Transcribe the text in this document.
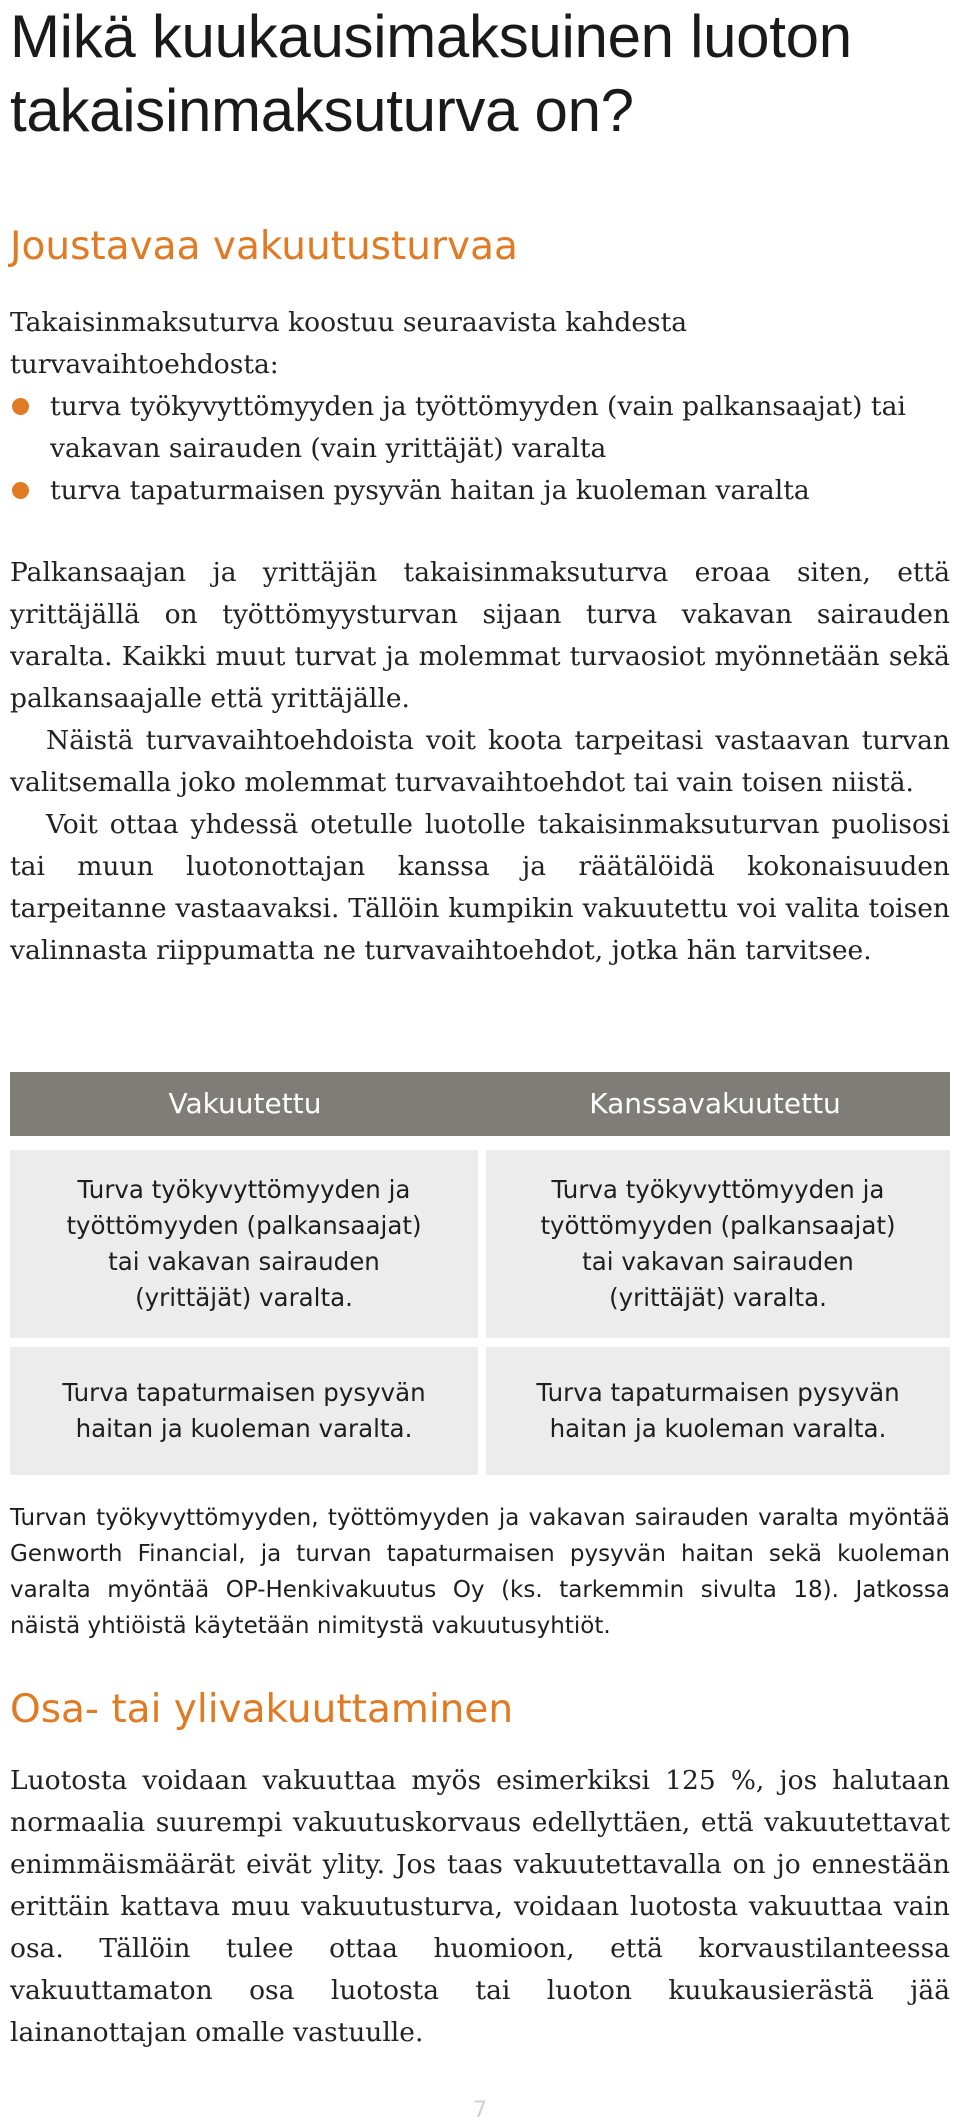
Mikä kuukausimaksuinen luoton takaisinmaksuturva on?
Joustavaa vakuutusturvaa

Takaisinmaksuturva koostuu seuraavista kahdesta turvavaihtoehdosta:

turva työkyvyttömyyden ja työttömyyden (vain palkansaajat) tai vakavan sairauden (vain yrittäjät) varalta
turva tapaturmaisen pysyvän haitan ja kuoleman varalta

Palkansaajan ja yrittäjän takaisinmaksuturva eroaa siten, että yrittäjällä on työttömyysturvan sijaan turva vakavan sairauden varalta. Kaikki muut turvat ja molemmat turvaosiot myönnetään sekä palkansaajalle että yrittäjälle.

Näistä turvavaihtoehdoista voit koota tarpeitasi vastaavan turvan valitsemalla joko molemmat turvavaihtoehdot tai vain toisen niistä.

Voit ottaa yhdessä otetulle luotolle takaisinmaksuturvan puolisosi tai muun luotonottajan kanssa ja räätälöidä kokonaisuuden tarpeitanne vastaavaksi. Tällöin kumpikin vakuutettu voi valita toisen valinnasta riippumatta ne turvavaihtoehdot, jotka hän tarvitsee.

Vakuutettu	Kanssavakuutettu
Turva työkyvyttömyyden ja työttömyyden (palkansaajat) tai vakavan sairauden (yrittäjät) varalta.
Turva työkyvyttömyyden ja työttömyyden (palkansaajat) tai vakavan sairauden (yrittäjät) varalta.
Turva tapaturmaisen pysyvän haitan ja kuoleman varalta.
Turva tapaturmaisen pysyvän haitan ja kuoleman varalta.

Turvan työkyvyttömyyden, työttömyyden ja vakavan sairauden varalta myöntää Genworth Financial, ja turvan tapaturmaisen pysyvän haitan sekä kuoleman varalta myöntää OP-Henkivakuutus Oy (ks. tarkemmin sivulta 18). Jatkossa näistä yhtiöistä käytetään nimitystä vakuutusyhtiöt.

Osa- tai ylivakuuttaminen

Luotosta voidaan vakuuttaa myös esimerkiksi 125 %, jos halutaan normaalia suurempi vakuutuskorvaus edellyttäen, että vakuutettavat enimmäismäärät eivät ylity. Jos taas vakuutettavalla on jo ennestään erittäin kattava muu vakuutusturva, voidaan luotosta vakuuttaa vain osa. Tällöin tulee ottaa huomioon, että korvaustilanteessa vakuuttamaton osa luotosta tai luoton kuukausierästä jää lainanottajan omalle vastuulle.

7
